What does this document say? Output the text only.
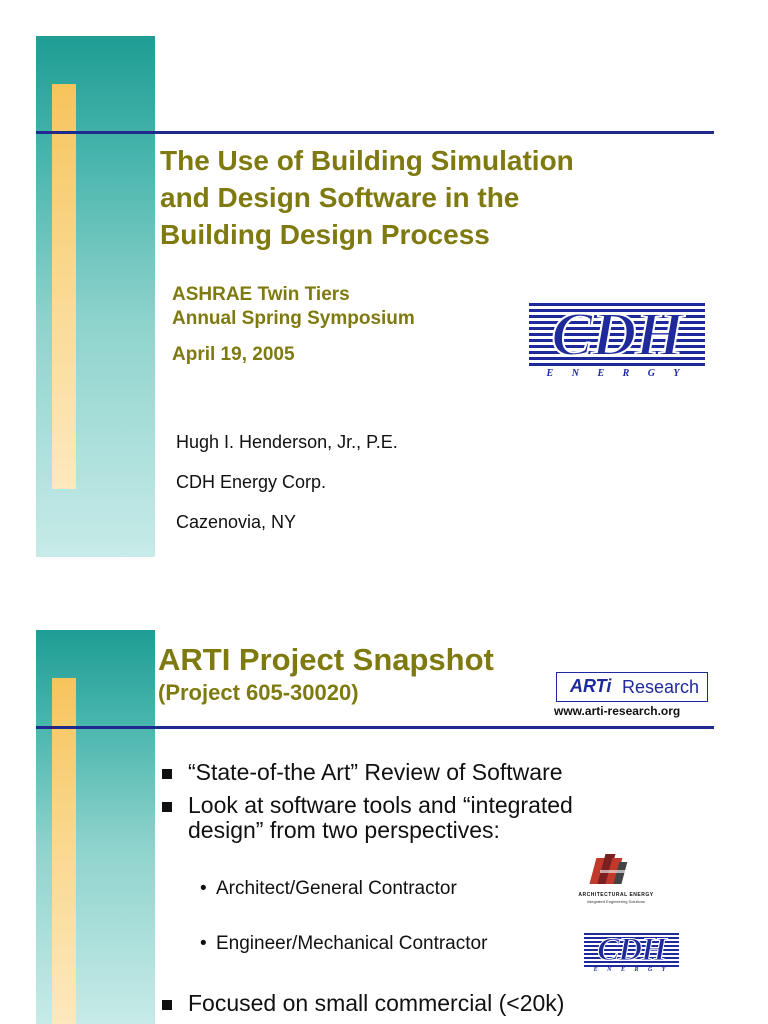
The Use of Building Simulation
and Design Software in the
Building Design Process
ASHRAE Twin Tiers
Annual Spring Symposium
April 19, 2005	CDH
E N E R G Y
Hugh I. Henderson, Jr., P.E.
CDH Energy Corp.
Cazenovia, NY
ARTI Project Snapshot
(Project 605-30020)	ARTi Research
www.arti-research.org
“State-of-the Art” Review of Software
Look at software tools and “integrated
design” from two perspectives:
• Architect/General Contractor
• Engineer/Mechanical Contractor
ARCHITECTURAL ENERGY
Integrated Engineering Solutions
CDH
E N E R G Y
Focused on small commercial (<20k)
